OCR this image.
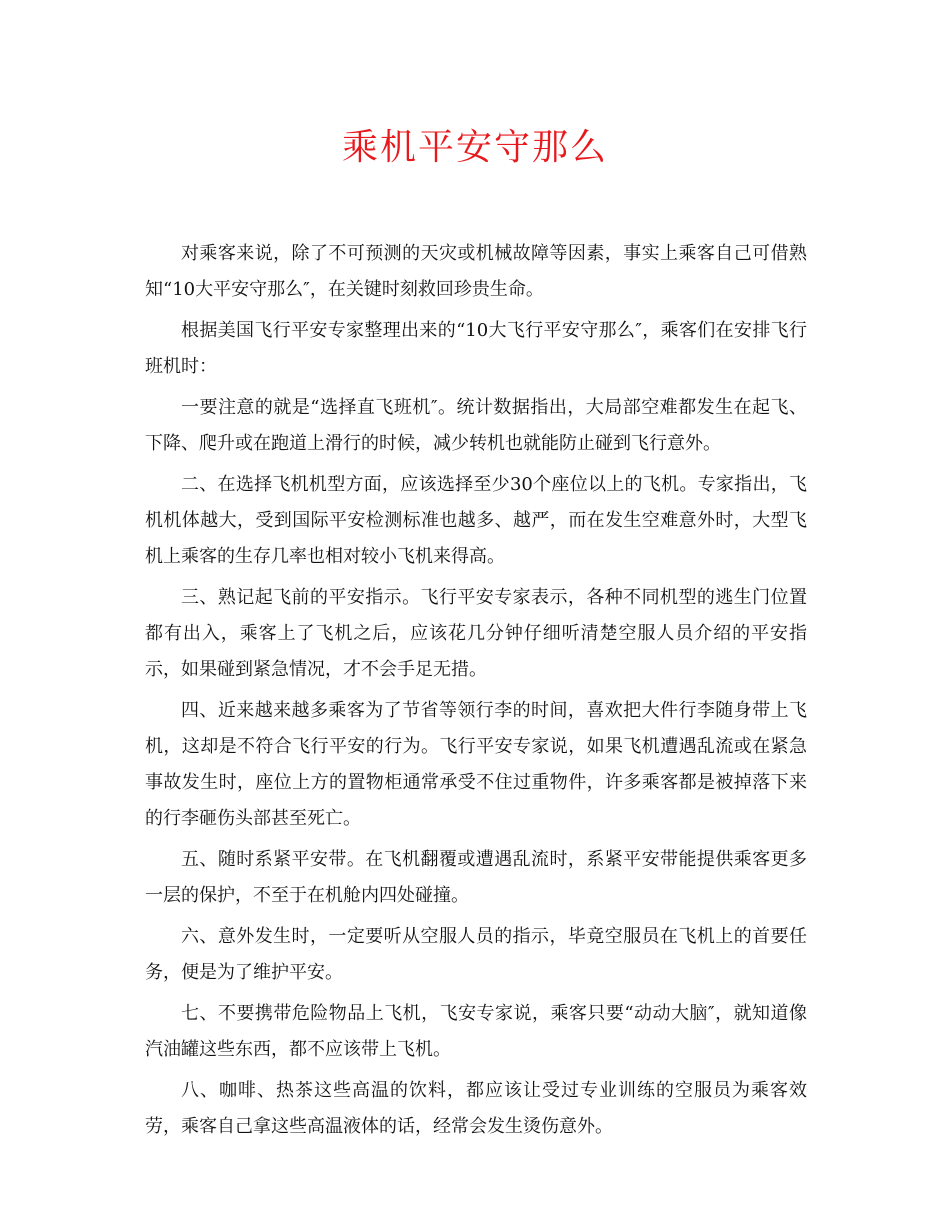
乘机平安守那么

对乘客来说，除了不可预测的天灾或机械故障等因素，事实上乘客自己可借熟知“10大平安守那么″，在关键时刻救回珍贵生命。

根据美国飞行平安专家整理出来的“10大飞行平安守那么″，乘客们在安排飞行班机时：

一要注意的就是“选择直飞班机″。统计数据指出，大局部空难都发生在起飞、下降、爬升或在跑道上滑行的时候，减少转机也就能防止碰到飞行意外。

二、在选择飞机机型方面，应该选择至少30个座位以上的飞机。专家指出，飞机机体越大，受到国际平安检测标准也越多、越严，而在发生空难意外时，大型飞机上乘客的生存几率也相对较小飞机来得高。

三、熟记起飞前的平安指示。飞行平安专家表示，各种不同机型的逃生门位置都有出入，乘客上了飞机之后，应该花几分钟仔细听清楚空服人员介绍的平安指示，如果碰到紧急情况，才不会手足无措。

四、近来越来越多乘客为了节省等领行李的时间，喜欢把大件行李随身带上飞机，这却是不符合飞行平安的行为。飞行平安专家说，如果飞机遭遇乱流或在紧急事故发生时，座位上方的置物柜通常承受不住过重物件，许多乘客都是被掉落下来的行李砸伤头部甚至死亡。

五、随时系紧平安带。在飞机翻覆或遭遇乱流时，系紧平安带能提供乘客更多一层的保护，不至于在机舱内四处碰撞。

六、意外发生时，一定要听从空服人员的指示，毕竟空服员在飞机上的首要任务，便是为了维护平安。

七、不要携带危险物品上飞机，飞安专家说，乘客只要“动动大脑″，就知道像汽油罐这些东西，都不应该带上飞机。

八、咖啡、热茶这些高温的饮料，都应该让受过专业训练的空服员为乘客效劳，乘客自己拿这些高温液体的话，经常会发生烫伤意外。
